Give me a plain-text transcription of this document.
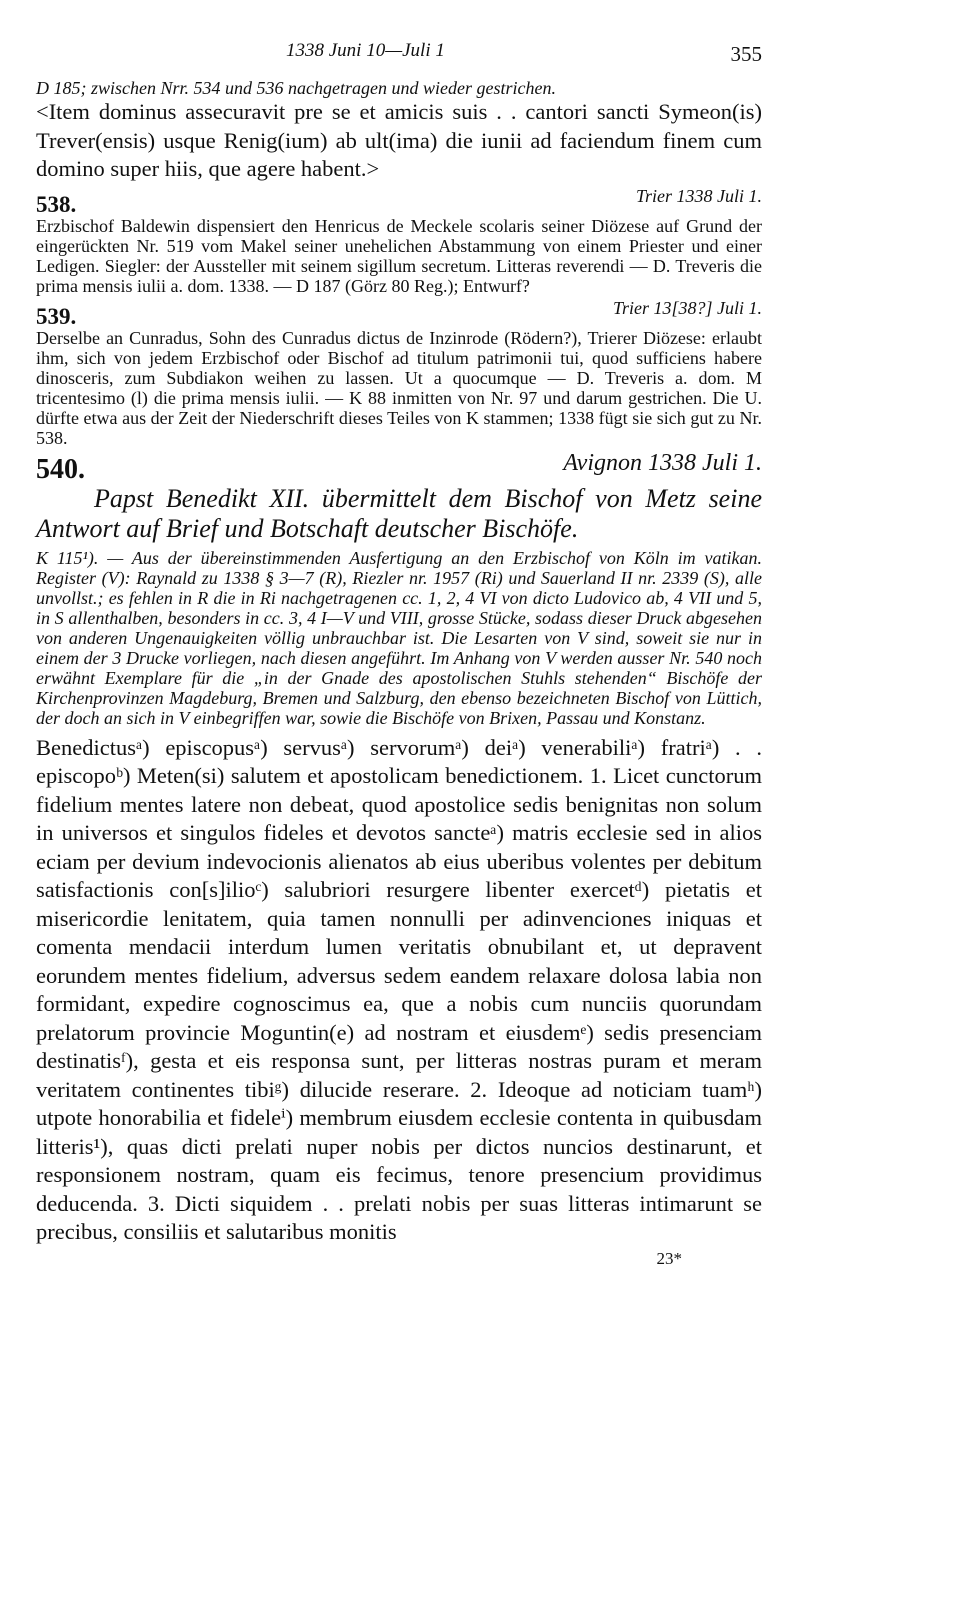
1338 Juni 10—Juli 1	355

D 185; zwischen Nrr. 534 und 536 nachgetragen und wieder gestrichen.

<Item dominus assecuravit pre se et amicis suis . . cantori sancti Symeon(is) Trever(ensis) usque Renig(ium) ab ult(ima) die iunii ad faciendum finem cum domino super hiis, que agere habent.>

538.	Trier 1338 Juli 1.

Erzbischof Baldewin dispensiert den Henricus de Meckele scolaris seiner Diözese auf Grund der eingerückten Nr. 519 vom Makel seiner unehelichen Abstammung von einem Priester und einer Ledigen. Siegler: der Aussteller mit seinem sigillum secretum. Litteras reverendi — D. Treveris die prima mensis iulii a. dom. 1338. — D 187 (Görz 80 Reg.); Entwurf?

539.	Trier 13[38?] Juli 1.

Derselbe an Cunradus, Sohn des Cunradus dictus de Inzinrode (Rödern?), Trierer Diözese: erlaubt ihm, sich von jedem Erzbischof oder Bischof ad titulum patrimonii tui, quod sufficiens habere dinosceris, zum Subdiakon weihen zu lassen. Ut a quocumque — D. Treveris a. dom. M tricentesimo (l) die prima mensis iulii. — K 88 inmitten von Nr. 97 und darum gestrichen. Die U. dürfte etwa aus der Zeit der Niederschrift dieses Teiles von K stammen; 1338 fügt sie sich gut zu Nr. 538.

540.	Avignon 1338 Juli 1.

Papst Benedikt XII. übermittelt dem Bischof von Metz seine Antwort auf Brief und Botschaft deutscher Bischöfe.

K 115¹). — Aus der übereinstimmenden Ausfertigung an den Erzbischof von Köln im vatikan. Register (V): Raynald zu 1338 § 3—7 (R), Riezler nr. 1957 (Ri) und Sauerland II nr. 2339 (S), alle unvollst.; es fehlen in R die in Ri nachgetragenen cc. 1, 2, 4 VI von dicto Ludovico ab, 4 VII und 5, in S allenthalben, besonders in cc. 3, 4 I—V und VIII, grosse Stücke, sodass dieser Druck abgesehen von anderen Ungenauigkeiten völlig unbrauchbar ist. Die Lesarten von V sind, soweit sie nur in einem der 3 Drucke vorliegen, nach diesen angeführt. Im Anhang von V werden ausser Nr. 540 noch erwähnt Exemplare für die „in der Gnade des apostolischen Stuhls stehenden“ Bischöfe der Kirchenprovinzen Magdeburg, Bremen und Salzburg, den ebenso bezeichneten Bischof von Lüttich, der doch an sich in V einbegriffen war, sowie die Bischöfe von Brixen, Passau und Konstanz.

Benedictusᵃ) episcopusᵃ) servusᵃ) servorumᵃ) deiᵃ) venerabiliᵃ) fratriᵃ) . . episcopoᵇ) Meten(si) salutem et apostolicam benedictionem. 1. Licet cunctorum fidelium mentes latere non debeat, quod apostolice sedis benignitas non solum in universos et singulos fideles et devotos sancteᵃ) matris ecclesie sed in alios eciam per devium indevocionis alienatos ab eius uberibus volentes per debitum satisfactionis con[s]ilioᶜ) salubriori resurgere libenter exercetᵈ) pietatis et misericordie lenitatem, quia tamen nonnulli per adinvenciones iniquas et comenta mendacii interdum lumen veritatis obnubilant et, ut depravent eorundem mentes fidelium, adversus sedem eandem relaxare dolosa labia non formidant, expedire cognoscimus ea, que a nobis cum nunciis quorundam prelatorum provincie Moguntin(e) ad nostram et eiusdemᵉ) sedis presenciam destinatisᶠ), gesta et eis responsa sunt, per litteras nostras puram et meram veritatem continentes tibiᵍ) dilucide reserare. 2. Ideoque ad noticiam tuamʰ) utpote honorabilia et fideleⁱ) membrum eiusdem ecclesie contenta in quibusdam litteris¹), quas dicti prelati nuper nobis per dictos nuncios destinarunt, et responsionem nostram, quam eis fecimus, tenore presencium providimus deducenda. 3. Dicti siquidem . . prelati nobis per suas litteras intimarunt se precibus, consiliis et salutaribus monitis

23*
